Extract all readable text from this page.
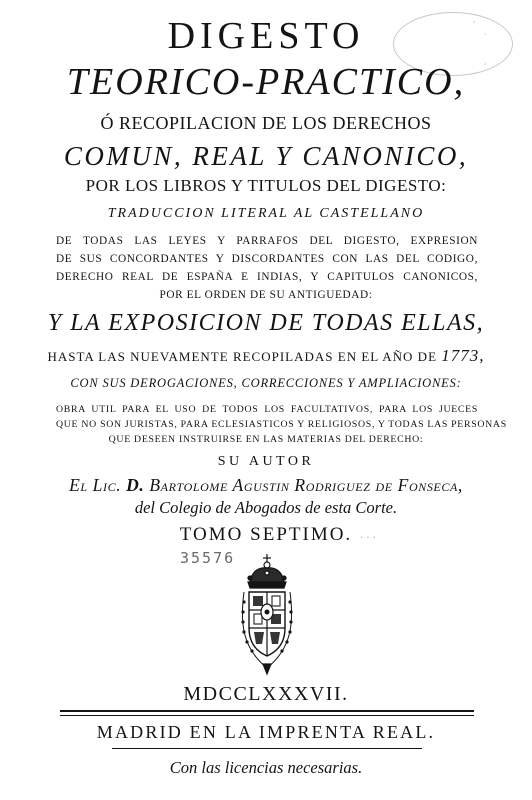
·
·
·
DIGESTO
TEORICO-PRACTICO,
Ó RECOPILACION DE LOS DERECHOS
COMUN, REAL Y CANONICO,
POR LOS LIBROS Y TITULOS DEL DIGESTO:
TRADUCCION LITERAL AL CASTELLANO
DE TODAS LAS LEYES Y PARRAFOS DEL DIGESTO, EXPRESION
DE SUS CONCORDANTES Y DISCORDANTES CON LAS DEL CODIGO,
DERECHO REAL DE ESPAÑA E INDIAS, Y CAPITULOS CANONICOS,
POR EL ORDEN DE SU ANTIGUEDAD:
Y LA EXPOSICION DE TODAS ELLAS,
HASTA LAS NUEVAMENTE RECOPILADAS EN EL AÑO DE 1773,
CON SUS DEROGACIONES, CORRECCIONES Y AMPLIACIONES:
OBRA UTIL PARA EL USO DE TODOS LOS FACULTATIVOS, PARA LOS JUECES
QUE NO SON JURISTAS, PARA ECLESIASTICOS Y RELIGIOSOS, Y TODAS LAS PERSONAS
QUE DESEEN INSTRUIRSE EN LAS MATERIAS DEL DERECHO:
SU AUTOR
El Lic. D. Bartolome Agustin Rodriguez de Fonseca,
del Colegio de Abogados de esta Corte.
TOMO SEPTIMO. · · ·
35576
MDCCLXXXVII.
MADRID EN LA IMPRENTA REAL.
Con las licencias necesarias.
